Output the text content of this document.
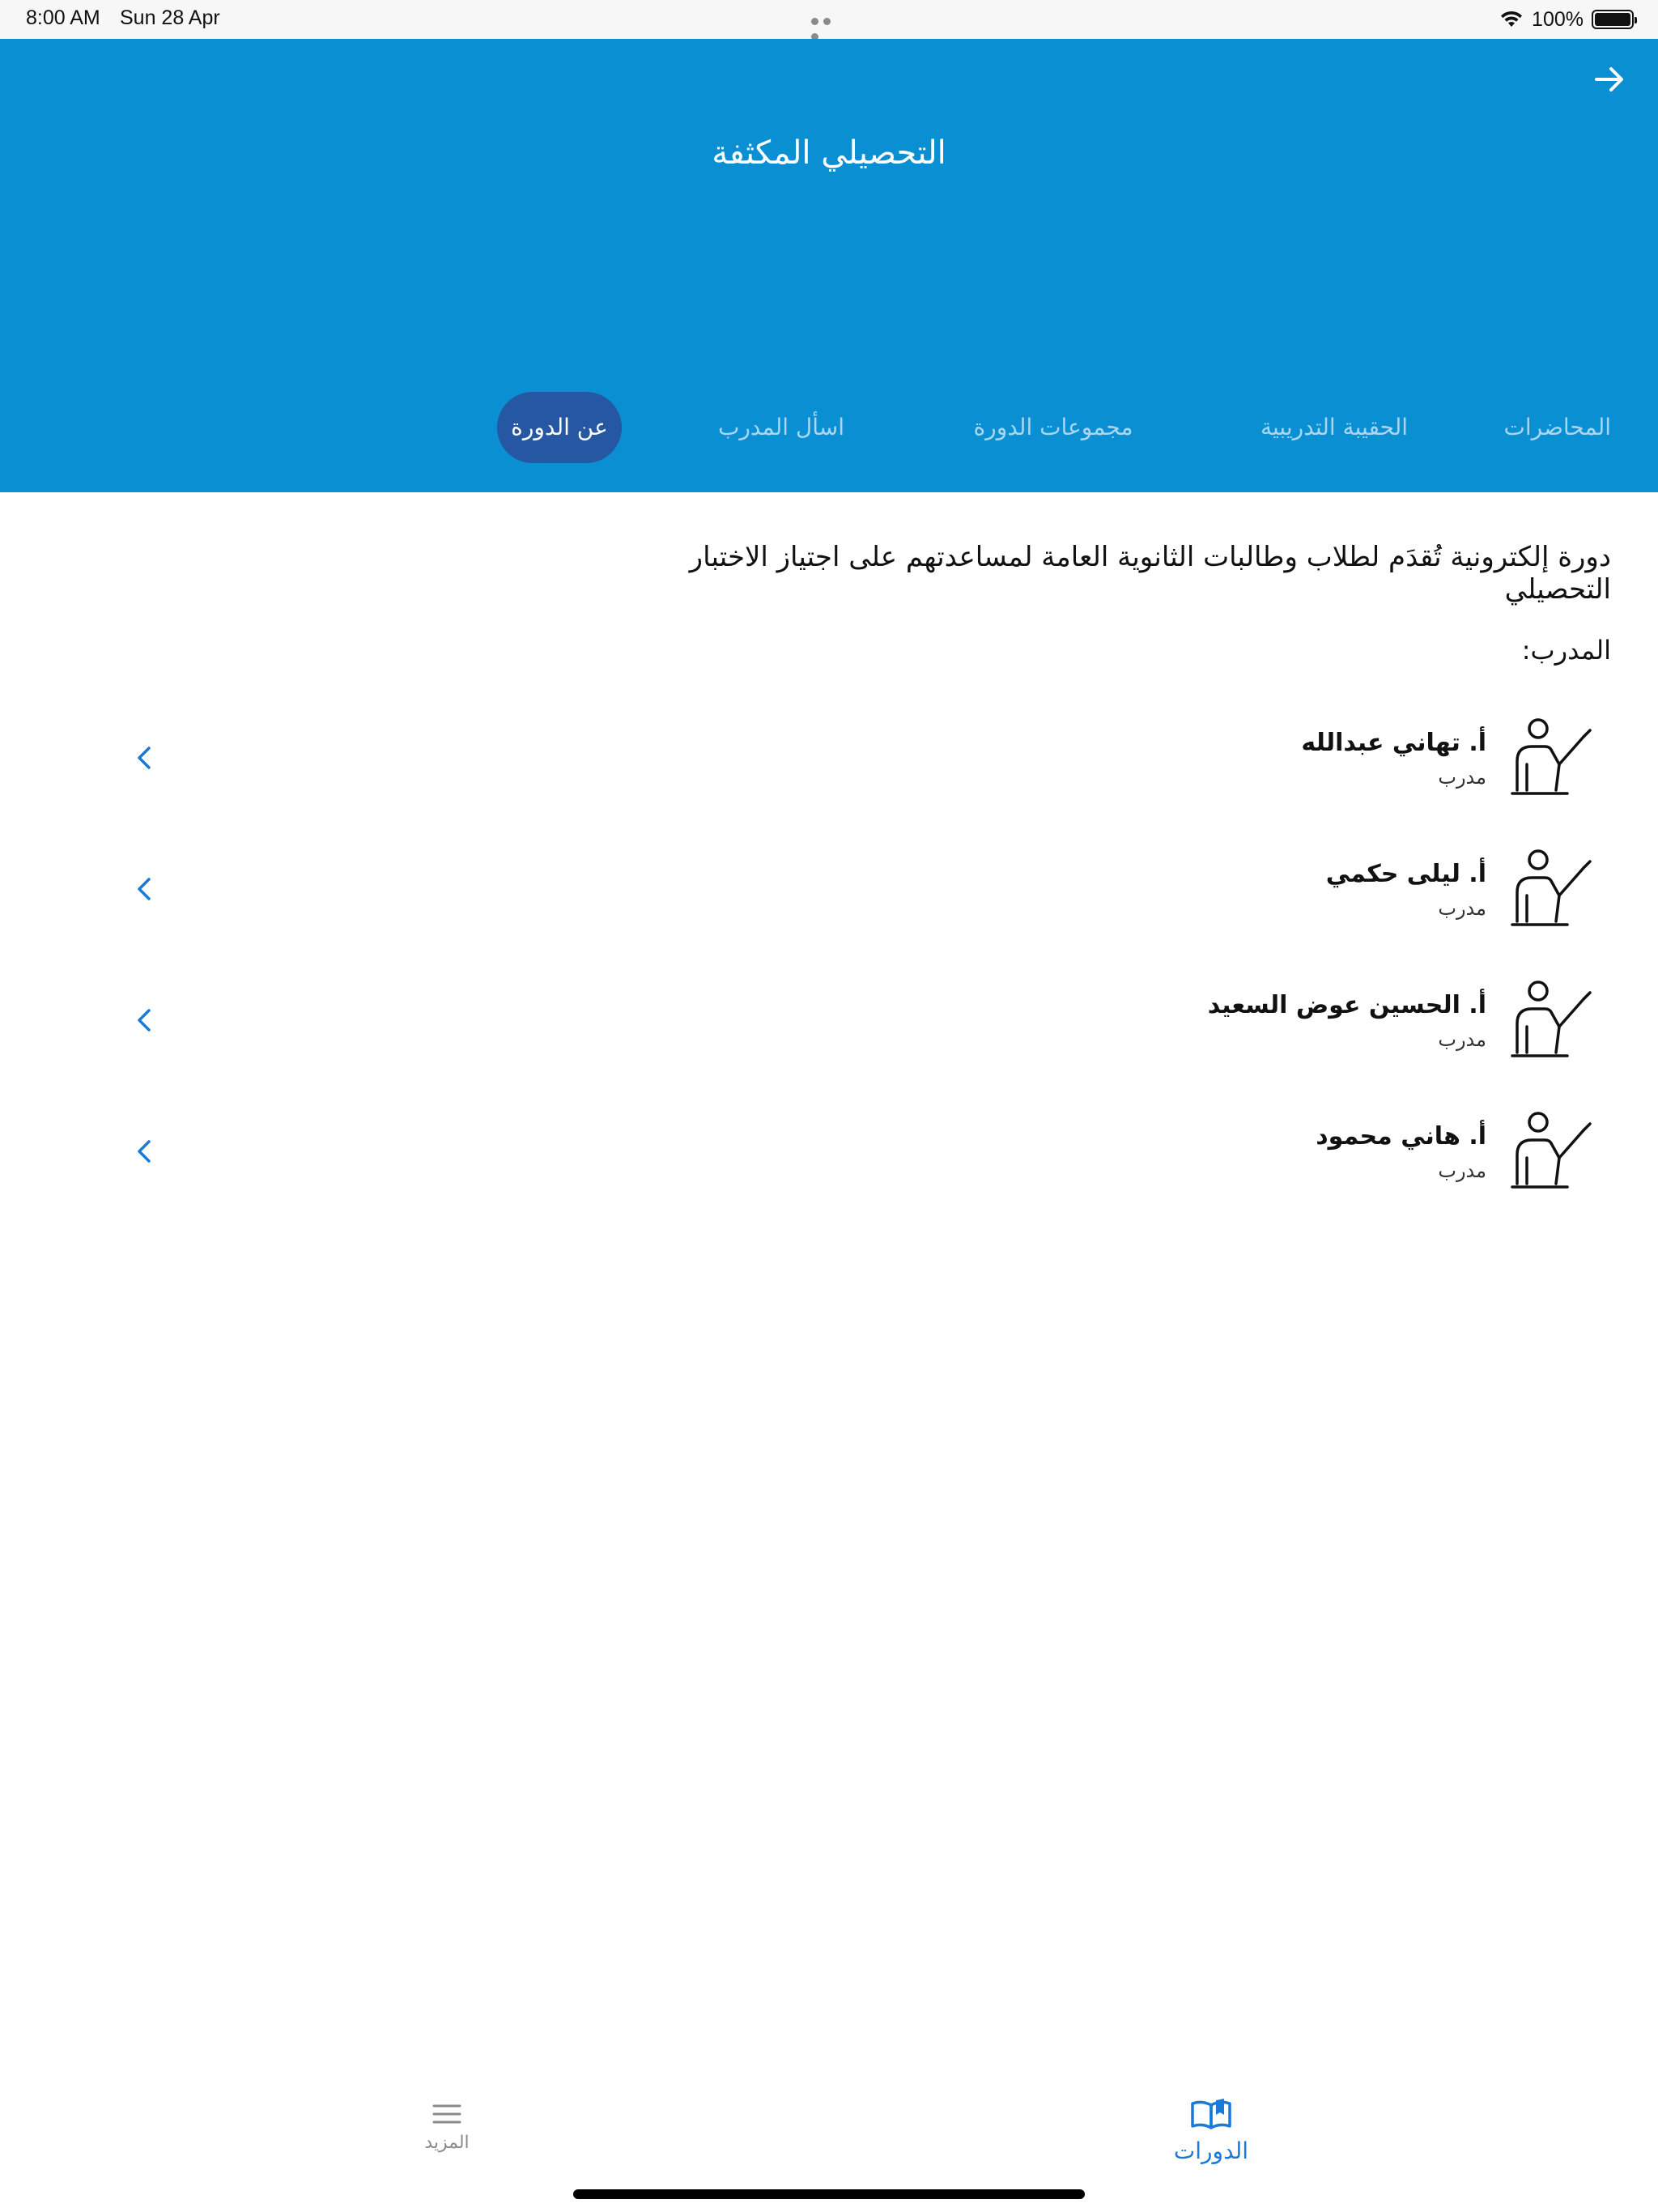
8:00 AM Sun 28 Apr	100%
التحصيلي المكثفة
المحاضرات
الحقيبة التدريبية
مجموعات الدورة
اسأل المدرب
عن الدورة
دورة إلكترونية تُقدَم لطلاب وطالبات الثانوية العامة لمساعدتهم على اجتياز الاختبار التحصيلي
المدرب:
أ. تهاني عبدالله
مدرب
أ. ليلى حكمي
مدرب
أ. الحسين عوض السعيد
مدرب
أ. هاني محمود
مدرب
المزيد	الدورات
